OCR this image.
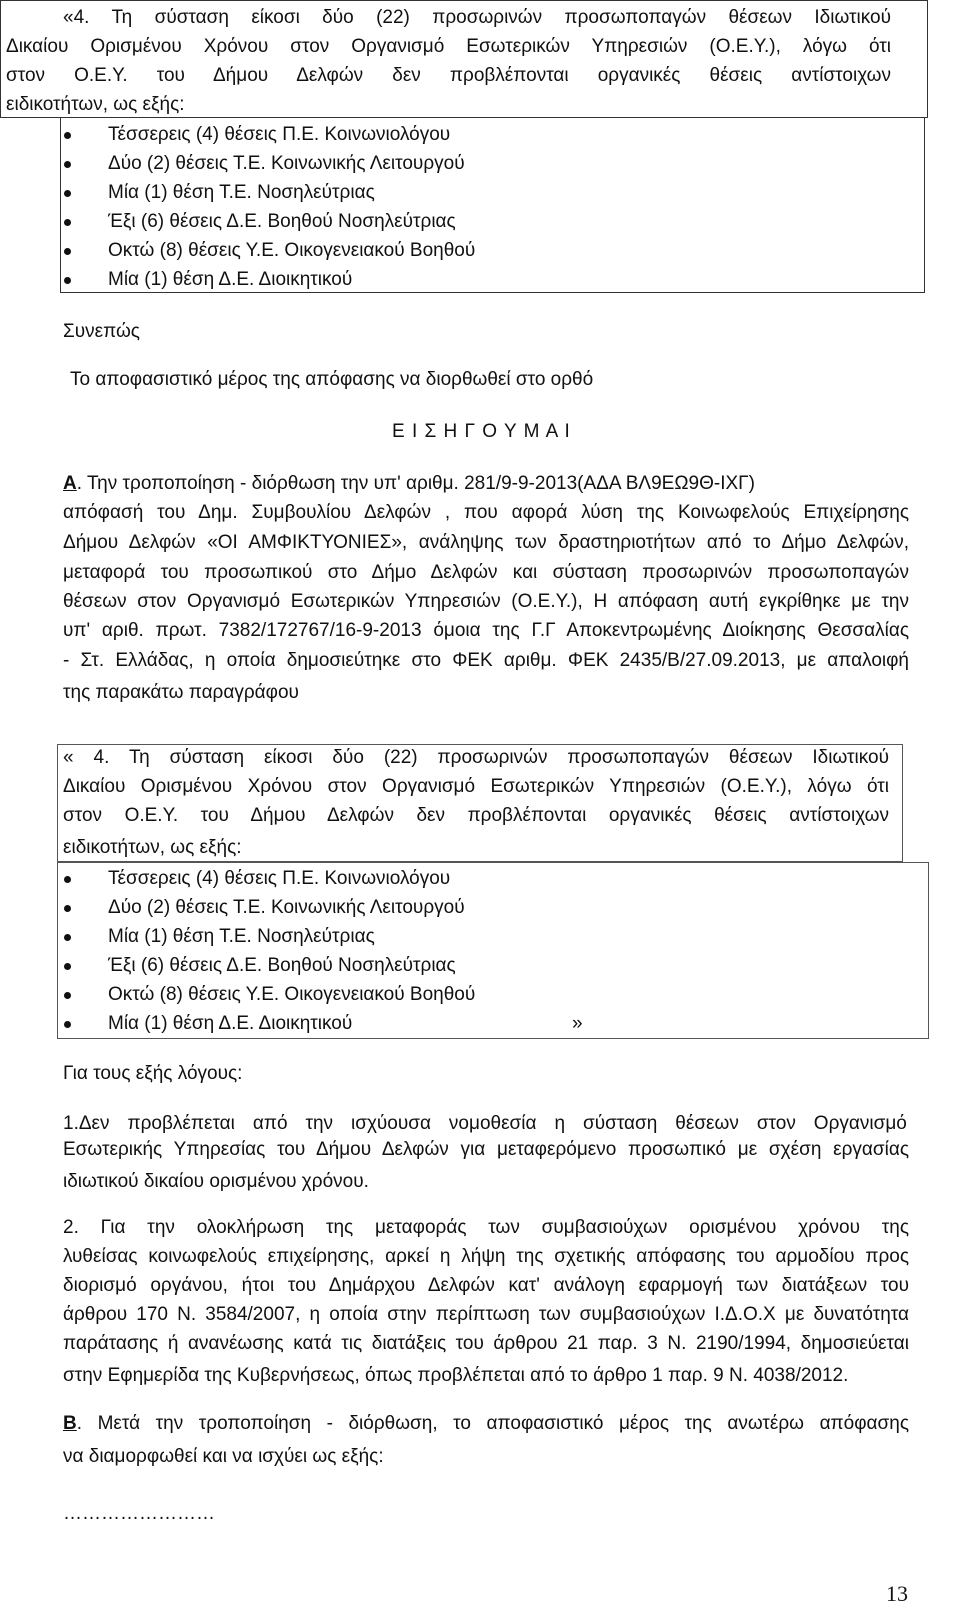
«4. Τη σύσταση είκοσι δύο (22) προσωρινών προσωποπαγών θέσεων Ιδιωτικού
Δικαίου Ορισμένου Χρόνου στον Οργανισμό Εσωτερικών Υπηρεσιών (Ο.Ε.Υ.), λόγω ότι
στον Ο.Ε.Υ. του Δήμου Δελφών δεν προβλέπονται οργανικές θέσεις αντίστοιχων
ειδικοτήτων, ως εξής:
Τέσσερεις (4) θέσεις Π.Ε. Κοινωνιολόγου
Δύο (2) θέσεις Τ.Ε. Κοινωνικής Λειτουργού
Μία (1) θέση Τ.Ε. Νοσηλεύτριας
Έξι (6) θέσεις Δ.Ε. Βοηθού Νοσηλεύτριας
Οκτώ (8) θέσεις Υ.Ε. Οικογενειακού Βοηθού
Μία (1) θέση Δ.Ε. Διοικητικού
Συνεπώς
Το αποφασιστικό μέρος της απόφασης να διορθωθεί στο ορθό
Ε Ι Σ Η Γ Ο Υ Μ Α Ι
Α. Την τροποποίηση - διόρθωση την υπ' αριθμ. 281/9-9-2013(ΑΔΑ ΒΛ9ΕΩ9Θ-ΙΧΓ)
απόφασή του Δημ. Συμβουλίου Δελφών , που αφορά λύση της Κοινωφελούς Επιχείρησης
Δήμου Δελφών «ΟΙ ΑΜΦΙΚΤΥΟΝΙΕΣ», ανάληψης των δραστηριοτήτων από το Δήμο Δελφών,
μεταφορά του προσωπικού στο Δήμο Δελφών και σύσταση προσωρινών προσωποπαγών
θέσεων στον Οργανισμό Εσωτερικών Υπηρεσιών (Ο.Ε.Υ.), Η απόφαση αυτή εγκρίθηκε με την
υπ' αριθ. πρωτ. 7382/172767/16-9-2013 όμοια της Γ.Γ Αποκεντρωμένης Διοίκησης Θεσσαλίας
- Στ. Ελλάδας, η οποία δημοσιεύτηκε στο ΦΕΚ αριθμ. ΦΕΚ 2435/Β/27.09.2013, με απαλοιφή
της παρακάτω παραγράφου
« 4. Τη σύσταση είκοσι δύο (22) προσωρινών προσωποπαγών θέσεων Ιδιωτικού
Δικαίου Ορισμένου Χρόνου στον Οργανισμό Εσωτερικών Υπηρεσιών (Ο.Ε.Υ.), λόγω ότι
στον Ο.Ε.Υ. του Δήμου Δελφών δεν προβλέπονται οργανικές θέσεις αντίστοιχων
ειδικοτήτων, ως εξής:
Τέσσερεις (4) θέσεις Π.Ε. Κοινωνιολόγου
Δύο (2) θέσεις Τ.Ε. Κοινωνικής Λειτουργού
Μία (1) θέση Τ.Ε. Νοσηλεύτριας
Έξι (6) θέσεις Δ.Ε. Βοηθού Νοσηλεύτριας
Οκτώ (8) θέσεις Υ.Ε. Οικογενειακού Βοηθού
Μία (1) θέση Δ.Ε. Διοικητικού	»
Για τους εξής λόγους:
1.Δεν προβλέπεται από την ισχύουσα νομοθεσία η σύσταση θέσεων στον Οργανισμό
Εσωτερικής Υπηρεσίας του Δήμου Δελφών για μεταφερόμενο προσωπικό με σχέση εργασίας
ιδιωτικού δικαίου ορισμένου χρόνου.
2. Για την ολοκλήρωση της μεταφοράς των συμβασιούχων ορισμένου χρόνου της
λυθείσας κοινωφελούς επιχείρησης, αρκεί η λήψη της σχετικής απόφασης του αρμοδίου προς
διορισμό οργάνου, ήτοι του Δημάρχου Δελφών κατ' ανάλογη εφαρμογή των διατάξεων του
άρθρου 170 Ν. 3584/2007, η οποία στην περίπτωση των συμβασιούχων Ι.Δ.Ο.Χ με δυνατότητα
παράτασης ή ανανέωσης κατά τις διατάξεις του άρθρου 21 παρ. 3 Ν. 2190/1994, δημοσιεύεται
στην Εφημερίδα της Κυβερνήσεως, όπως προβλέπεται από το άρθρο 1 παρ. 9 Ν. 4038/2012.
Β. Μετά την τροποποίηση - διόρθωση, το αποφασιστικό μέρος της ανωτέρω απόφασης
να διαμορφωθεί και να ισχύει ως εξής:
……………………
13
